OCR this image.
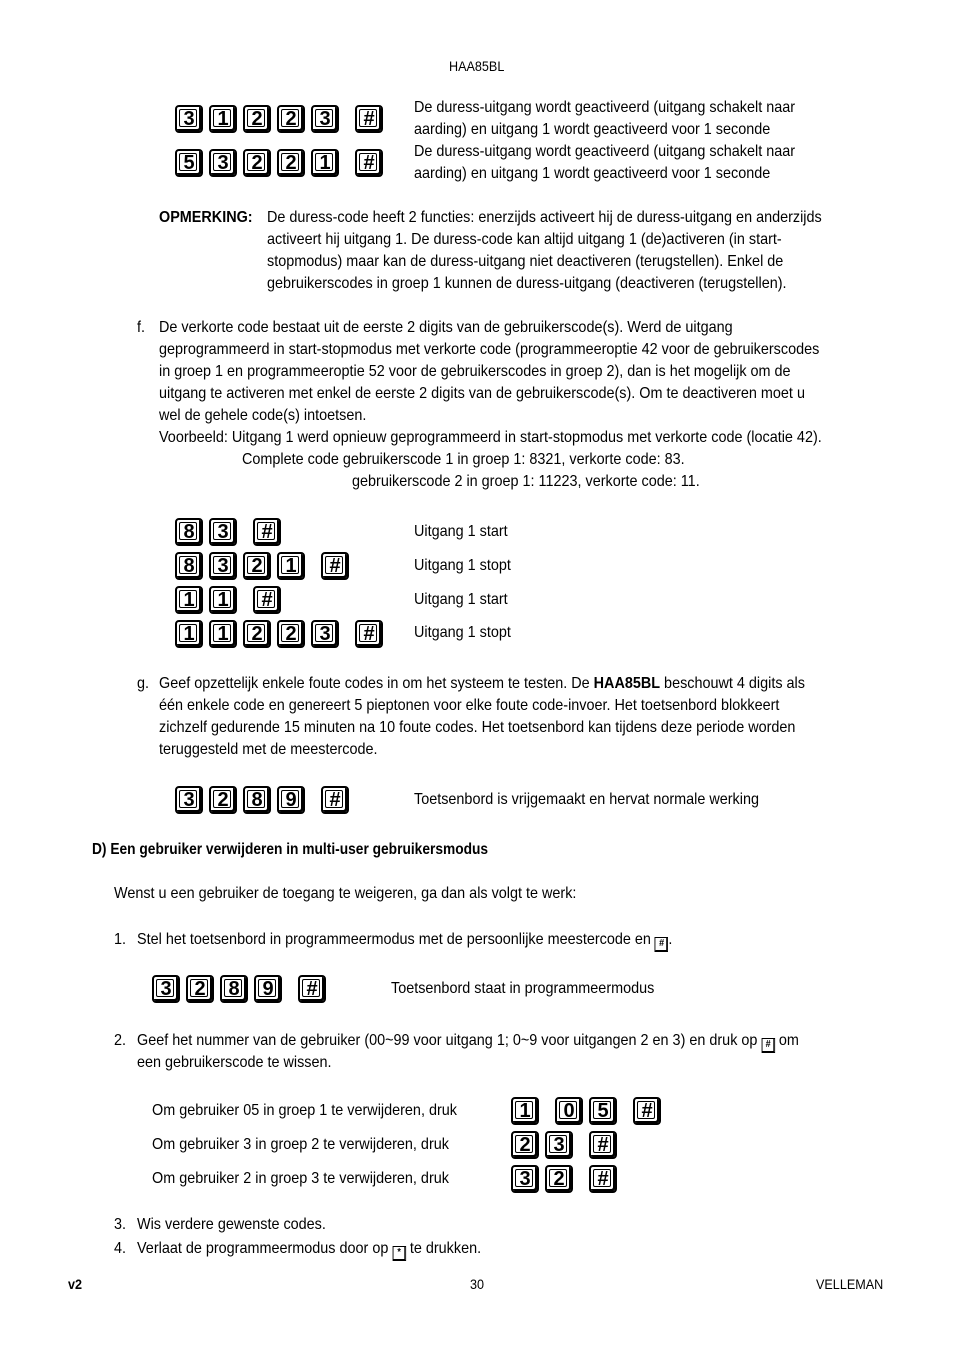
HAA85BL
3	1	2	2	3	#
De duress-uitgang wordt geactiveerd (uitgang schakelt naar
aarding) en uitgang 1 wordt geactiveerd voor 1 seconde
5	3	2	2	1	#
De duress-uitgang wordt geactiveerd (uitgang schakelt naar
aarding) en uitgang 1 wordt geactiveerd voor 1 seconde
OPMERKING: De duress-code heeft 2 functies: enerzijds activeert hij de duress-uitgang en anderzijds
activeert hij uitgang 1. De duress-code kan altijd uitgang 1 (de)activeren (in start-
stopmodus) maar kan de duress-uitgang niet deactiveren (terugstellen). Enkel de
gebruikerscodes in groep 1 kunnen de duress-uitgang (deactiveren (terugstellen).
f. De verkorte code bestaat uit de eerste 2 digits van de gebruikerscode(s). Werd de uitgang
geprogrammeerd in start-stopmodus met verkorte code (programmeeroptie 42 voor de gebruikerscodes
in groep 1 en programmeeroptie 52 voor de gebruikerscodes in groep 2), dan is het mogelijk om de
uitgang te activeren met enkel de eerste 2 digits van de gebruikerscode(s). Om te deactiveren moet u
wel de gehele code(s) intoetsen.
Voorbeeld: Uitgang 1 werd opnieuw geprogrammeerd in start-stopmodus met verkorte code (locatie 42).
Complete code gebruikerscode 1 in groep 1: 8321, verkorte code: 83.
gebruikerscode 2 in groep 1: 11223, verkorte code: 11.
8	3	#	Uitgang 1 start
8	3	2	1	#	Uitgang 1 stopt
1	1	#	Uitgang 1 start
1	1	2	2	3	#	Uitgang 1 stopt
g. Geef opzettelijk enkele foute codes in om het systeem te testen. De HAA85BL beschouwt 4 digits als
één enkele code en genereert 5 pieptonen voor elke foute code-invoer. Het toetsenbord blokkeert
zichzelf gedurende 15 minuten na 10 foute codes. Het toetsenbord kan tijdens deze periode worden
teruggesteld met de meestercode.
3	2	8	9	#	Toetsenbord is vrijgemaakt en hervat normale werking
D) Een gebruiker verwijderen in multi-user gebruikersmodus
Wenst u een gebruiker de toegang te weigeren, ga dan als volgt te werk:
1. Stel het toetsenbord in programmeermodus met de persoonlijke meestercode en # .
3	2	8	9	#	Toetsenbord staat in programmeermodus
2. Geef het nummer van de gebruiker (00~99 voor uitgang 1; 0~9 voor uitgangen 2 en 3) en druk op # om
een gebruikerscode te wissen.
Om gebruiker 05 in groep 1 te verwijderen, druk	1	0	5	#
Om gebruiker 3 in groep 2 te verwijderen, druk	2	3	#
Om gebruiker 2 in groep 3 te verwijderen, druk	3	2	#
3. Wis verdere gewenste codes.
4. Verlaat de programmeermodus door op * te drukken.
v2	30	VELLEMAN
